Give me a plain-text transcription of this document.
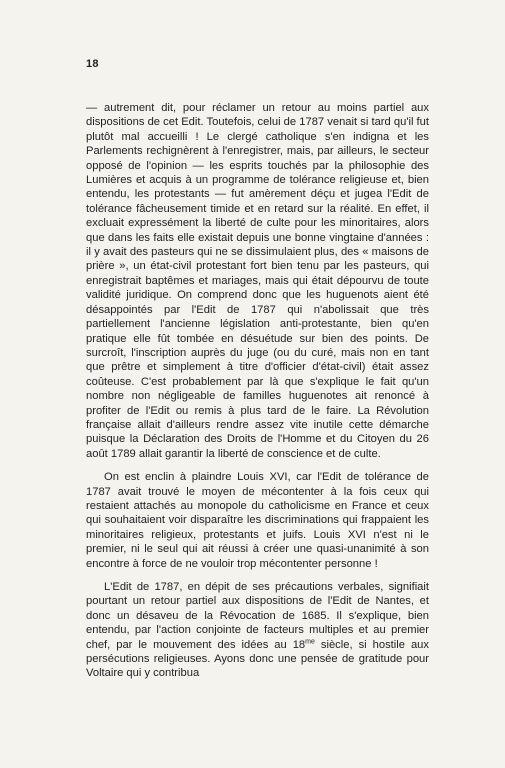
18

— autrement dit, pour réclamer un retour au moins partiel aux dispositions de cet Edit. Toutefois, celui de 1787 venait si tard qu'il fut plutôt mal accueilli ! Le clergé catholique s'en indigna et les Parlements rechignèrent à l'enregistrer, mais, par ailleurs, le secteur opposé de l'opinion — les esprits touchés par la philosophie des Lumières et acquis à un programme de tolérance religieuse et, bien entendu, les protestants — fut amèrement déçu et jugea l'Edit de tolérance fâcheusement timide et en retard sur la réalité. En effet, il excluait expressément la liberté de culte pour les minoritaires, alors que dans les faits elle existait depuis une bonne vingtaine d'années : il y avait des pasteurs qui ne se dissimulaient plus, des « maisons de prière », un état-civil protestant fort bien tenu par les pasteurs, qui enregistrait baptêmes et mariages, mais qui était dépourvu de toute validité juridique. On comprend donc que les huguenots aient été désappointés par l'Edit de 1787 qui n'abolissait que très partiellement l'ancienne législation anti-protestante, bien qu'en pratique elle fût tombée en désuétude sur bien des points. De surcroît, l'inscription auprès du juge (ou du curé, mais non en tant que prêtre et simplement à titre d'officier d'état-civil) était assez coûteuse. C'est probablement par là que s'explique le fait qu'un nombre non négligeable de familles huguenotes ait renoncé à profiter de l'Edit ou remis à plus tard de le faire. La Révolution française allait d'ailleurs rendre assez vite inutile cette démarche puisque la Déclaration des Droits de l'Homme et du Citoyen du 26 août 1789 allait garantir la liberté de conscience et de culte.

On est enclin à plaindre Louis XVI, car l'Edit de tolérance de 1787 avait trouvé le moyen de mécontenter à la fois ceux qui restaient attachés au monopole du catholicisme en France et ceux qui souhaitaient voir disparaître les discriminations qui frappaient les minoritaires religieux, protestants et juifs. Louis XVI n'est ni le premier, ni le seul qui ait réussi à créer une quasi-unanimité à son encontre à force de ne vouloir trop mécontenter personne !

L'Edit de 1787, en dépit de ses précautions verbales, signifiait pourtant un retour partiel aux dispositions de l'Edit de Nantes, et donc un désaveu de la Révocation de 1685. Il s'explique, bien entendu, par l'action conjointe de facteurs multiples et au premier chef, par le mouvement des idées au $18^{me}$ siècle, si hostile aux persécutions religieuses. Ayons donc une pensée de gratitude pour Voltaire qui y contribua
